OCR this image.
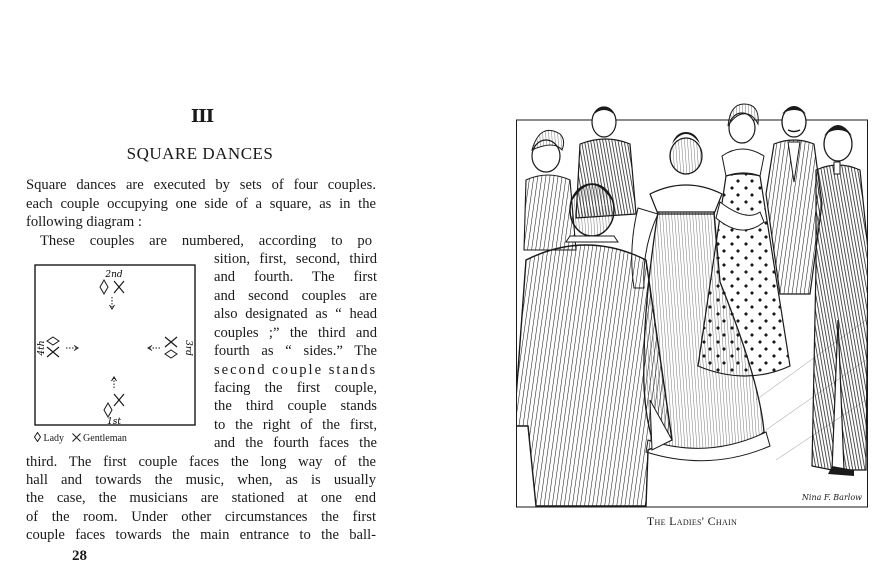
III
SQUARE DANCES
Square dances are executed by sets of four couples.
each couple occupying one side of a square, as in the
following diagram :
These couples are numbered, according to po
sition, first, second, third
and fourth. The first
and second couples are
also designated as “ head
couples ;” the third and
fourth as “ sides.” The
second couple stands
facing the first couple,
the third couple stands
to the right of the first,
and the fourth faces the
third. The first couple faces the long way of the
hall and towards the music, when, as is usually
the case, the musicians are stationed at one end
of the room. Under other circumstances the first
couple faces towards the main entrance to the ball-
2nd
1st
3rd
4th
Lady Gentleman
28
Nina F. Barlow
The Ladies' Chain
